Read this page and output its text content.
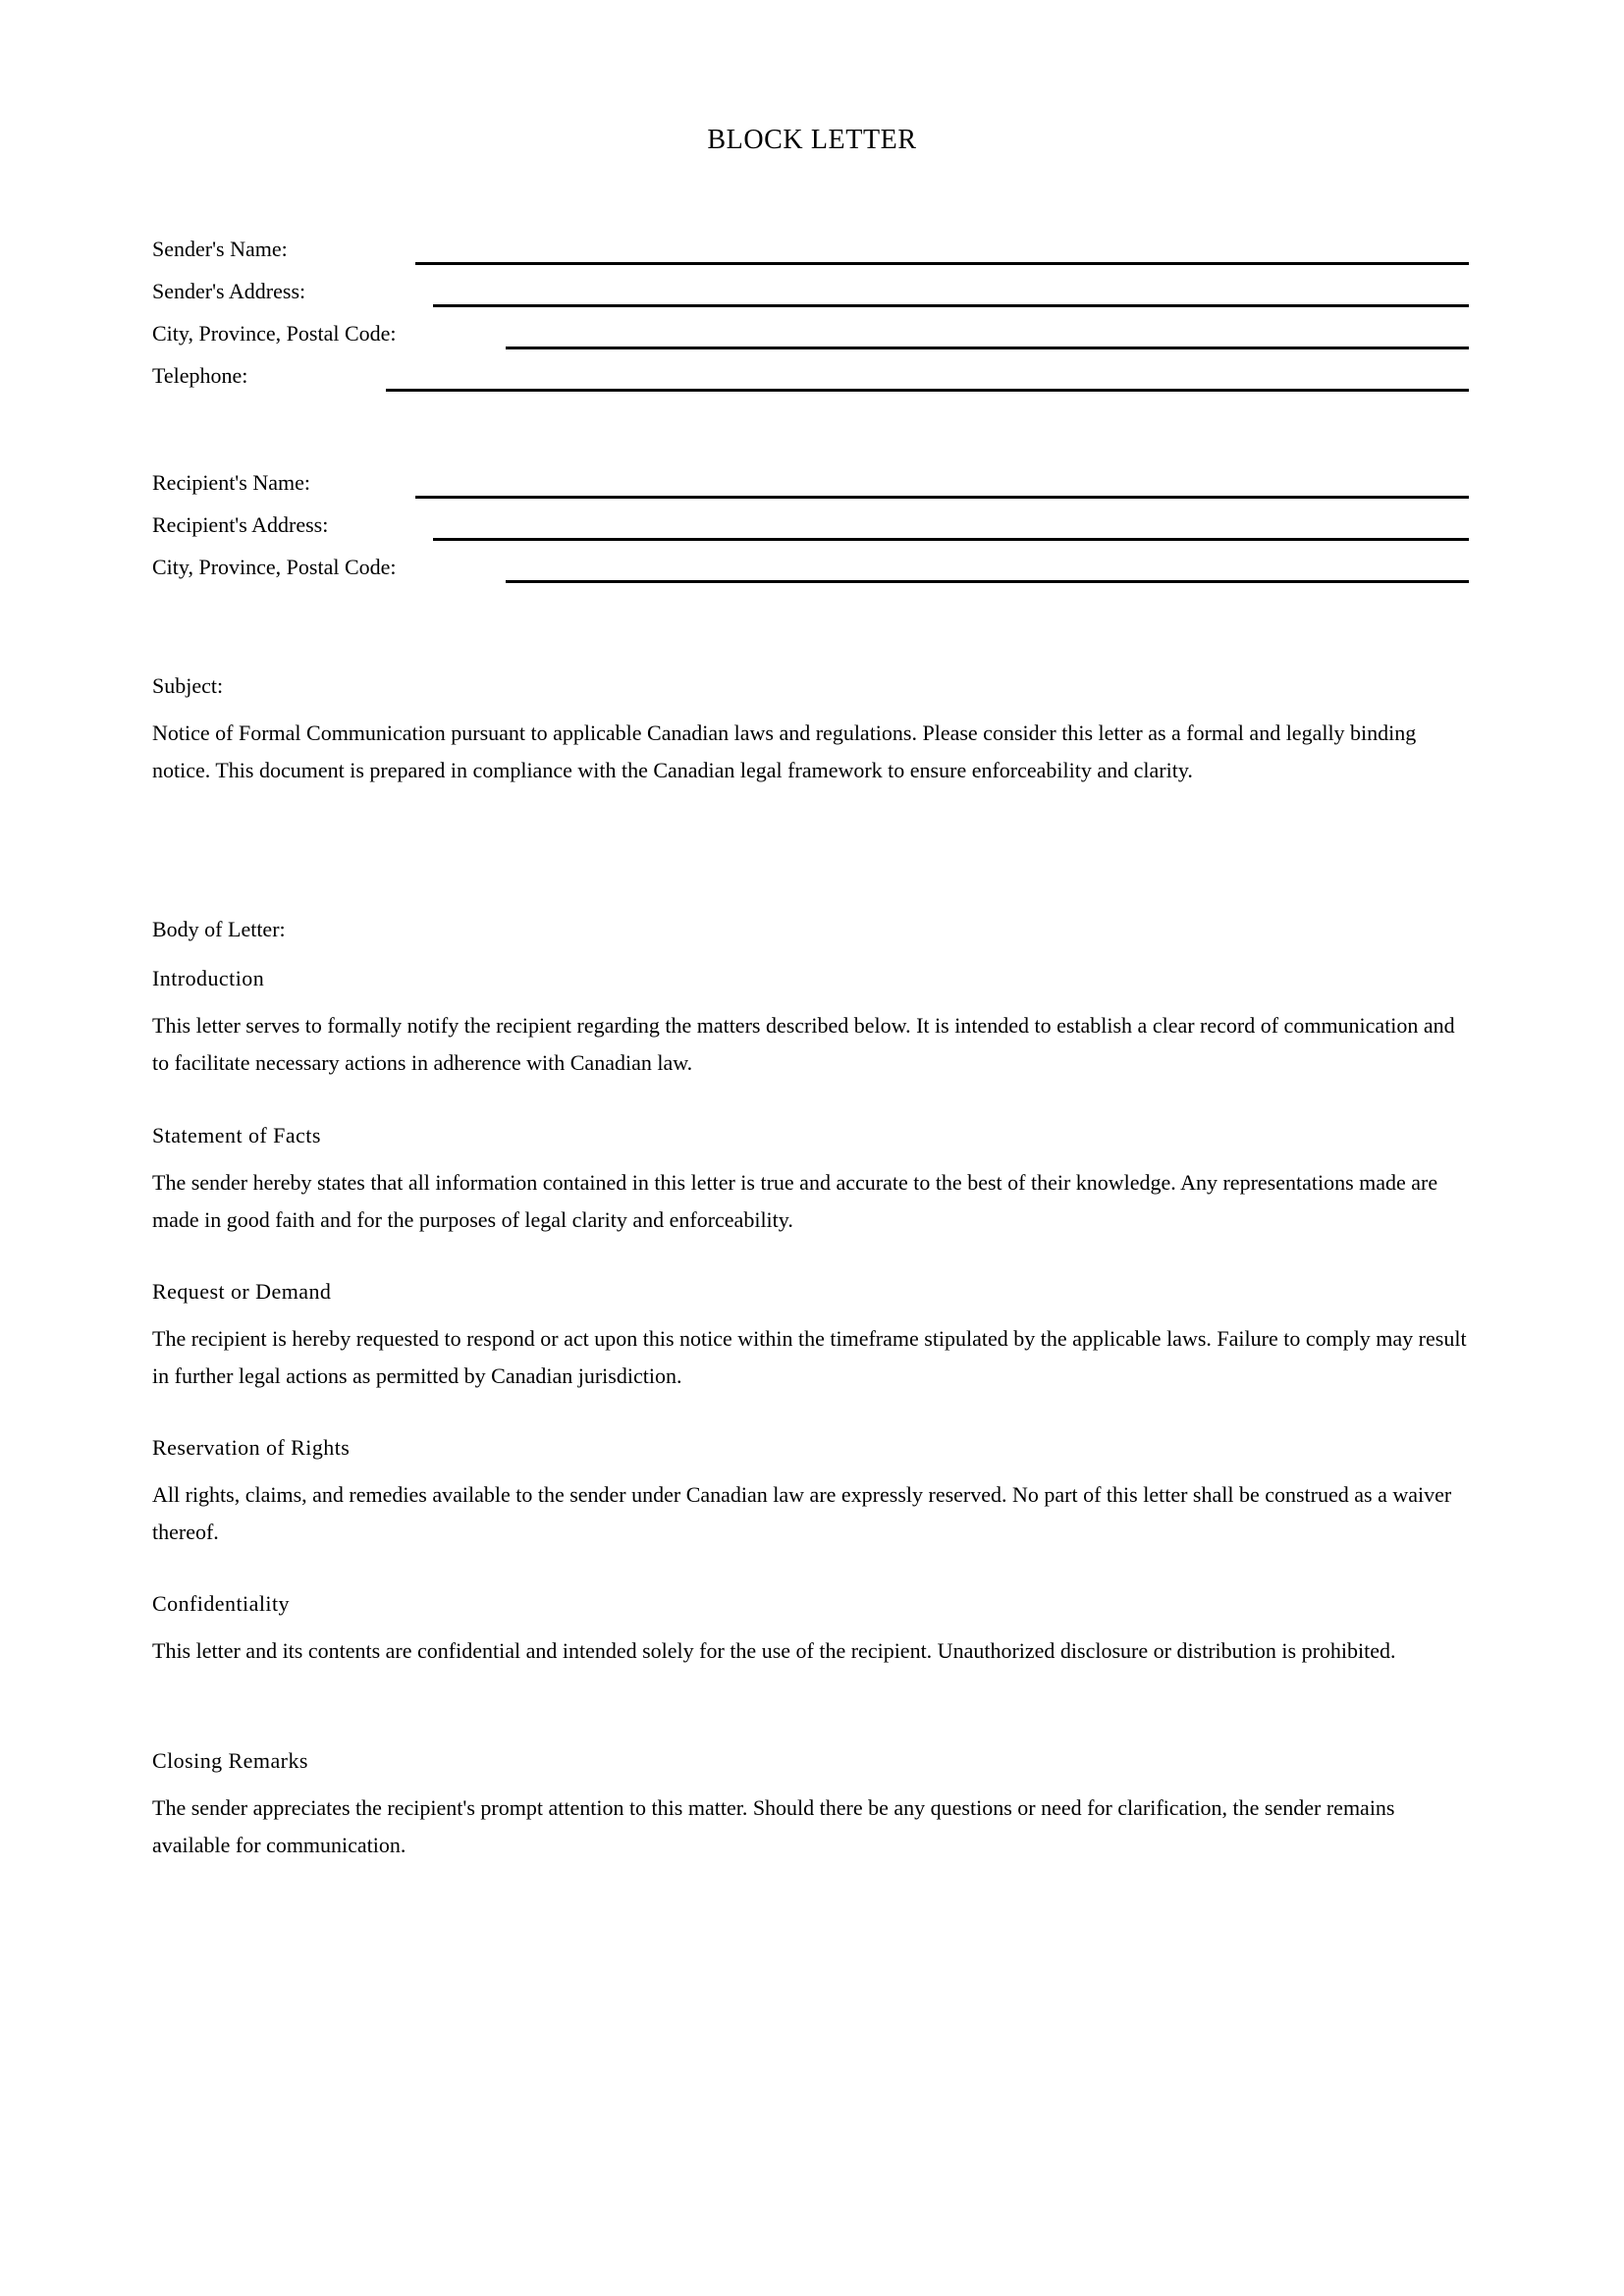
BLOCK LETTER
Sender's Name:
Sender's Address:
City, Province, Postal Code:
Telephone:
Recipient's Name:
Recipient's Address:
City, Province, Postal Code:
Subject:
Notice of Formal Communication pursuant to applicable Canadian laws and regulations. Please consider this letter as a formal and legally binding notice. This document is prepared in compliance with the Canadian legal framework to ensure enforceability and clarity.
Body of Letter:
Introduction
This letter serves to formally notify the recipient regarding the matters described below. It is intended to establish a clear record of communication and to facilitate necessary actions in adherence with Canadian law.
Statement of Facts
The sender hereby states that all information contained in this letter is true and accurate to the best of their knowledge. Any representations made are made in good faith and for the purposes of legal clarity and enforceability.
Request or Demand
The recipient is hereby requested to respond or act upon this notice within the timeframe stipulated by the applicable laws. Failure to comply may result in further legal actions as permitted by Canadian jurisdiction.
Reservation of Rights
All rights, claims, and remedies available to the sender under Canadian law are expressly reserved. No part of this letter shall be construed as a waiver thereof.
Confidentiality
This letter and its contents are confidential and intended solely for the use of the recipient. Unauthorized disclosure or distribution is prohibited.
Closing Remarks
The sender appreciates the recipient's prompt attention to this matter. Should there be any questions or need for clarification, the sender remains available for communication.
